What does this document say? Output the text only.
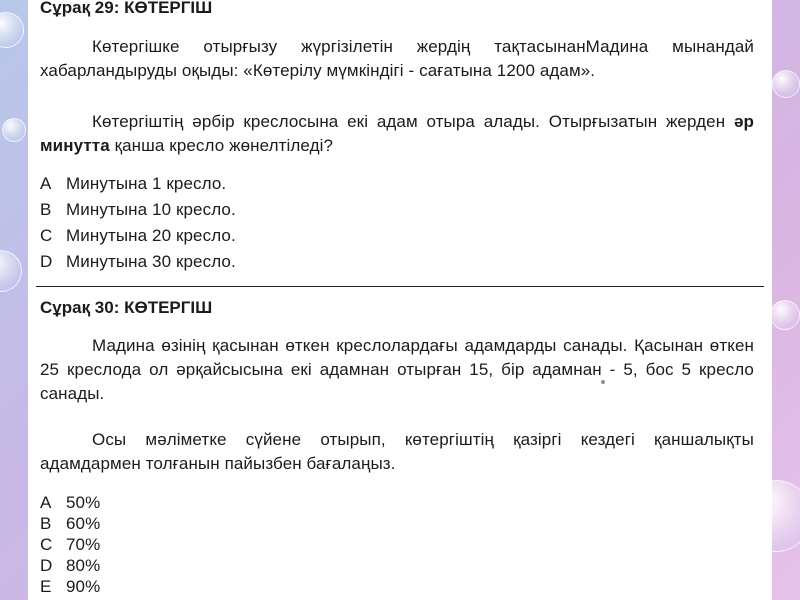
Сұрақ 29: КӨТЕРГІШ
Көтергішке отырғызу жүргізілетін жердің тақтасынанМадина мынандай хабарландыруды оқыды: «Көтерілу мүмкіндігі - сағатына 1200 адам».
Көтергіштің әрбір креслосына екі адам отыра алады. Отырғызатын жерден әр минутта қанша кресло жөнелтіледі?
A Минутына 1 кресло.
B Минутына 10 кресло.
C Минутына 20 кресло.
D Минутына 30 кресло.
Сұрақ 30: КӨТЕРГІШ
Мадина өзінің қасынан өткен креслолардағы адамдарды санады. Қасынан өткен 25 креслода ол әрқайсысына екі адамнан отырған 15, бір адамнан - 5, бос 5 кресло санады.
Осы мәліметке сүйене отырып, көтергіштің қазіргі кездегі қаншалықты адамдармен толғанын пайызбен бағалаңыз.
A 50%
B 60%
C 70%
D 80%
E 90%
